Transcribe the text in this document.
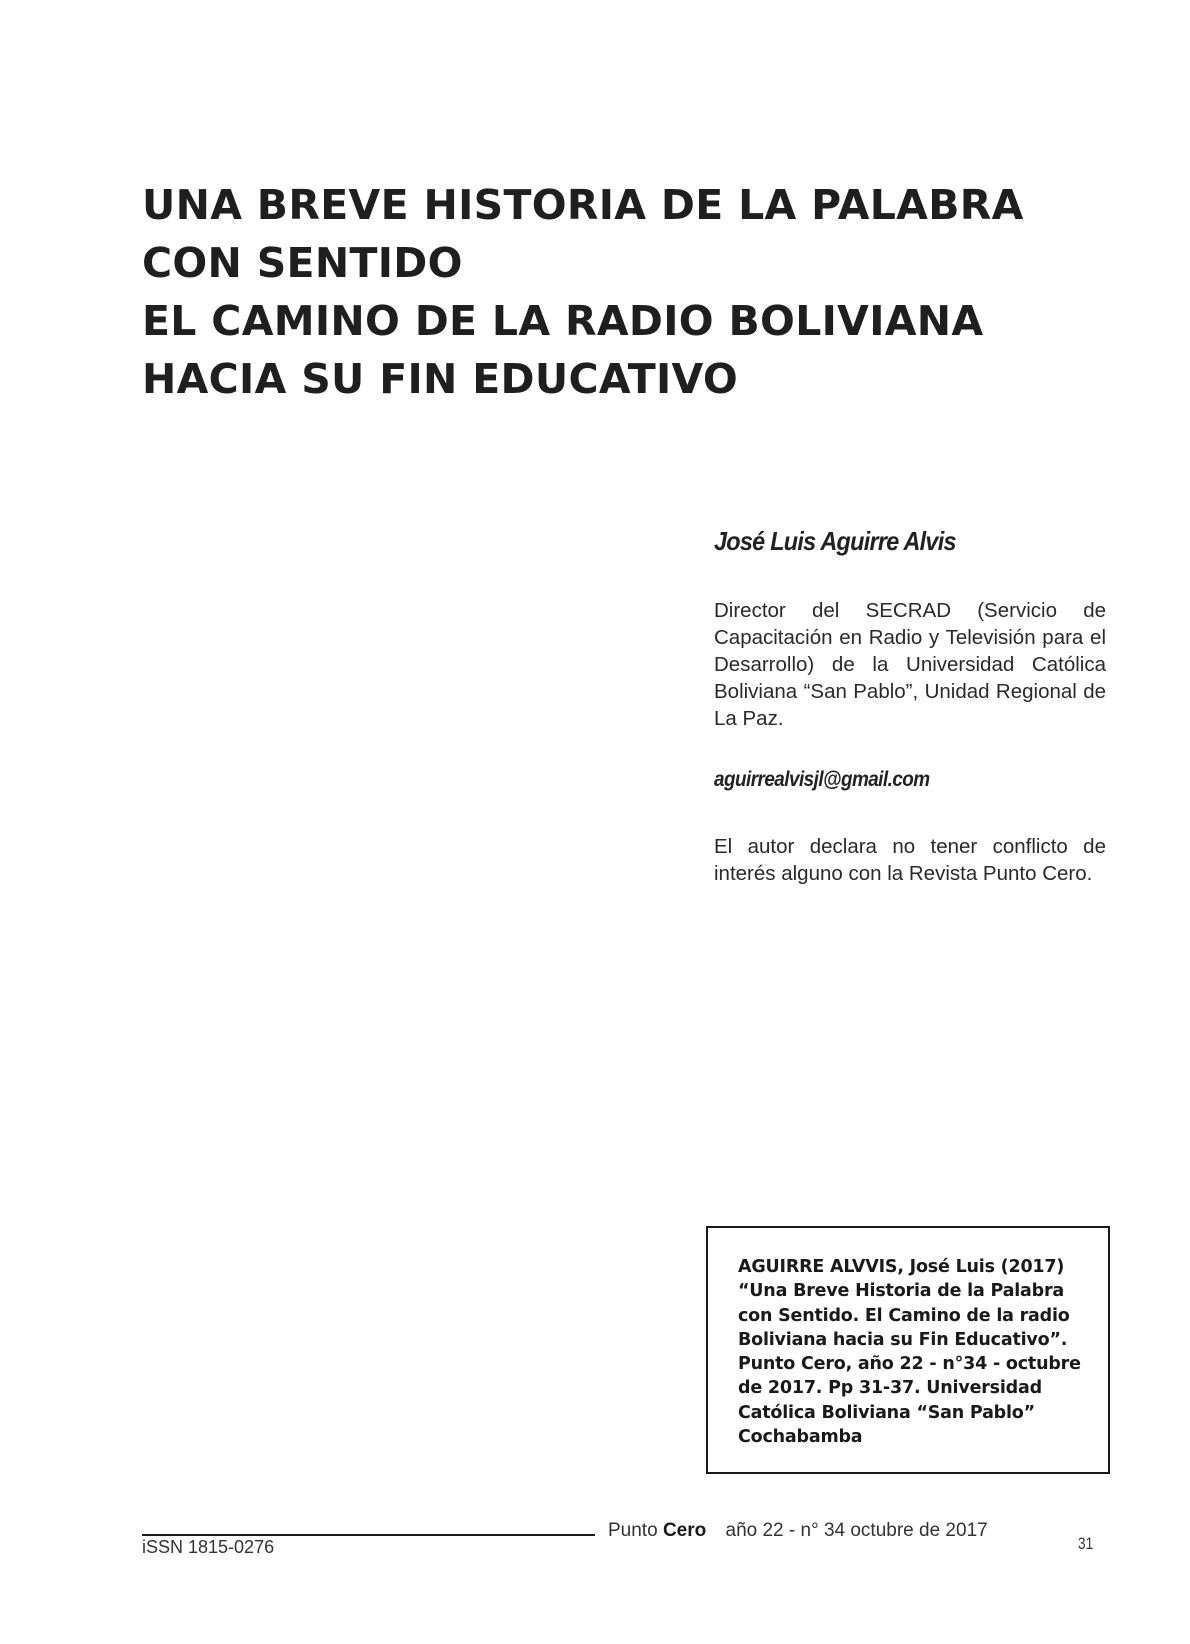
UNA BREVE HISTORIA DE LA PALABRA
CON SENTIDO
EL CAMINO DE LA RADIO BOLIVIANA
HACIA SU FIN EDUCATIVO
José Luis Aguirre Alvis
Director del SECRAD (Servicio de Capacitación en Radio y Televisión para el Desarrollo) de la Universidad Católica Boliviana “San Pablo”, Unidad Regional de La Paz.
aguirrealvisjl@gmail.com
El autor declara no tener conflicto de interés alguno con la Revista Punto Cero.
AGUIRRE ALVVIS, José Luis (2017) “Una Breve Historia de la Palabra con Sentido. El Camino de la radio Boliviana hacia su Fin Educativo”. Punto Cero, año 22 - n°34 - octubre de 2017. Pp 31-37. Universidad Católica Boliviana “San Pablo” Cochabamba
iSSN 1815-0276
Punto Cero año 22 - n° 34 octubre de 2017
31
